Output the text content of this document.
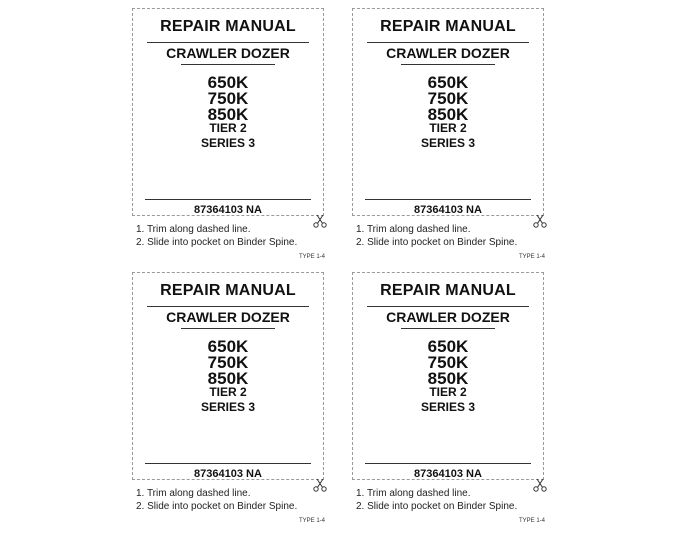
REPAIR MANUAL
CRAWLER DOZER
650K
750K
850K
TIER 2
SERIES 3
87364103 NA
1. Trim along dashed line.
2. Slide into pocket on Binder Spine.
TYPE 1-4
REPAIR MANUAL
CRAWLER DOZER
650K
750K
850K
TIER 2
SERIES 3
87364103 NA
1. Trim along dashed line.
2. Slide into pocket on Binder Spine.
TYPE 1-4
REPAIR MANUAL
CRAWLER DOZER
650K
750K
850K
TIER 2
SERIES 3
87364103 NA
1. Trim along dashed line.
2. Slide into pocket on Binder Spine.
TYPE 1-4
REPAIR MANUAL
CRAWLER DOZER
650K
750K
850K
TIER 2
SERIES 3
87364103 NA
1. Trim along dashed line.
2. Slide into pocket on Binder Spine.
TYPE 1-4
